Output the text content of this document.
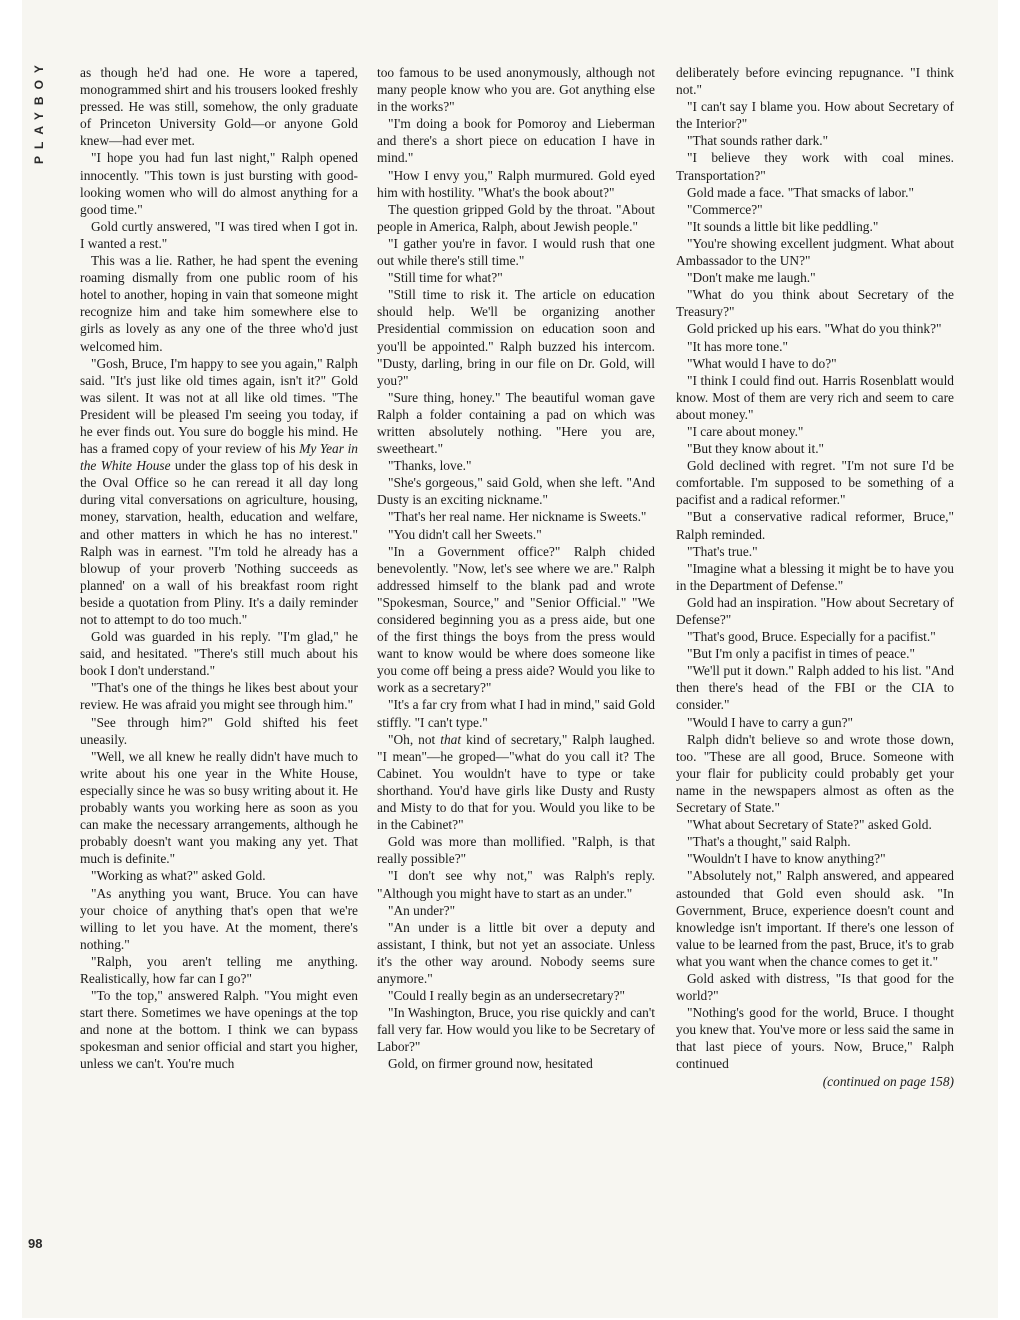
PLAYBOY
98

as though he'd had one. He wore a tapered, monogrammed shirt and his trousers looked freshly pressed. He was still, somehow, the only graduate of Princeton University Gold—or anyone Gold knew—had ever met.

"I hope you had fun last night," Ralph opened innocently. "This town is just bursting with good-looking women who will do almost anything for a good time."

Gold curtly answered, "I was tired when I got in. I wanted a rest."

This was a lie. Rather, he had spent the evening roaming dismally from one public room of his hotel to another, hoping in vain that someone might recognize him and take him somewhere else to girls as lovely as any one of the three who'd just welcomed him.

"Gosh, Bruce, I'm happy to see you again," Ralph said. "It's just like old times again, isn't it?" Gold was silent. It was not at all like old times. "The President will be pleased I'm seeing you today, if he ever finds out. You sure do boggle his mind. He has a framed copy of your review of his My Year in the White House under the glass top of his desk in the Oval Office so he can reread it all day long during vital conversations on agriculture, housing, money, starvation, health, education and welfare, and other matters in which he has no interest." Ralph was in earnest. "I'm told he already has a blowup of your proverb 'Nothing succeeds as planned' on a wall of his breakfast room right beside a quotation from Pliny. It's a daily reminder not to attempt to do too much."

Gold was guarded in his reply. "I'm glad," he said, and hesitated. "There's still much about his book I don't understand."

"That's one of the things he likes best about your review. He was afraid you might see through him."

"See through him?" Gold shifted his feet uneasily.

"Well, we all knew he really didn't have much to write about his one year in the White House, especially since he was so busy writing about it. He probably wants you working here as soon as you can make the necessary arrangements, although he probably doesn't want you making any yet. That much is definite."

"Working as what?" asked Gold.

"As anything you want, Bruce. You can have your choice of anything that's open that we're willing to let you have. At the moment, there's nothing."

"Ralph, you aren't telling me anything. Realistically, how far can I go?"

"To the top," answered Ralph. "You might even start there. Sometimes we have openings at the top and none at the bottom. I think we can bypass spokesman and senior official and start you higher, unless we can't. You're much

too famous to be used anonymously, although not many people know who you are. Got anything else in the works?"

"I'm doing a book for Pomoroy and Lieberman and there's a short piece on education I have in mind."

"How I envy you," Ralph murmured. Gold eyed him with hostility. "What's the book about?"

The question gripped Gold by the throat. "About people in America, Ralph, about Jewish people."

"I gather you're in favor. I would rush that one out while there's still time."

"Still time for what?"

"Still time to risk it. The article on education should help. We'll be organizing another Presidential commission on education soon and you'll be appointed." Ralph buzzed his intercom. "Dusty, darling, bring in our file on Dr. Gold, will you?"

"Sure thing, honey." The beautiful woman gave Ralph a folder containing a pad on which was written absolutely nothing. "Here you are, sweetheart."

"Thanks, love."

"She's gorgeous," said Gold, when she left. "And Dusty is an exciting nickname."

"That's her real name. Her nickname is Sweets."

"You didn't call her Sweets."

"In a Government office?" Ralph chided benevolently. "Now, let's see where we are." Ralph addressed himself to the blank pad and wrote "Spokesman, Source," and "Senior Official." "We considered beginning you as a press aide, but one of the first things the boys from the press would want to know would be where does someone like you come off being a press aide? Would you like to work as a secretary?"

"It's a far cry from what I had in mind," said Gold stiffly. "I can't type."

"Oh, not that kind of secretary," Ralph laughed. "I mean"—he groped—"what do you call it? The Cabinet. You wouldn't have to type or take shorthand. You'd have girls like Dusty and Rusty and Misty to do that for you. Would you like to be in the Cabinet?"

Gold was more than mollified. "Ralph, is that really possible?"

"I don't see why not," was Ralph's reply. "Although you might have to start as an under."

"An under?"

"An under is a little bit over a deputy and assistant, I think, but not yet an associate. Unless it's the other way around. Nobody seems sure anymore."

"Could I really begin as an undersecretary?"

"In Washington, Bruce, you rise quickly and can't fall very far. How would you like to be Secretary of Labor?"

Gold, on firmer ground now, hesitated

deliberately before evincing repugnance. "I think not."

"I can't say I blame you. How about Secretary of the Interior?"

"That sounds rather dark."

"I believe they work with coal mines. Transportation?"

Gold made a face. "That smacks of labor."

"Commerce?"

"It sounds a little bit like peddling."

"You're showing excellent judgment. What about Ambassador to the UN?"

"Don't make me laugh."

"What do you think about Secretary of the Treasury?"

Gold pricked up his ears. "What do you think?"

"It has more tone."

"What would I have to do?"

"I think I could find out. Harris Rosenblatt would know. Most of them are very rich and seem to care about money."

"I care about money."

"But they know about it."

Gold declined with regret. "I'm not sure I'd be comfortable. I'm supposed to be something of a pacifist and a radical reformer."

"But a conservative radical reformer, Bruce," Ralph reminded.

"That's true."

"Imagine what a blessing it might be to have you in the Department of Defense."

Gold had an inspiration. "How about Secretary of Defense?"

"That's good, Bruce. Especially for a pacifist."

"But I'm only a pacifist in times of peace."

"We'll put it down." Ralph added to his list. "And then there's head of the FBI or the CIA to consider."

"Would I have to carry a gun?"

Ralph didn't believe so and wrote those down, too. "These are all good, Bruce. Someone with your flair for publicity could probably get your name in the newspapers almost as often as the Secretary of State."

"What about Secretary of State?" asked Gold.

"That's a thought," said Ralph.

"Wouldn't I have to know anything?"

"Absolutely not," Ralph answered, and appeared astounded that Gold even should ask. "In Government, Bruce, experience doesn't count and knowledge isn't important. If there's one lesson of value to be learned from the past, Bruce, it's to grab what you want when the chance comes to get it."

Gold asked with distress, "Is that good for the world?"

"Nothing's good for the world, Bruce. I thought you knew that. You've more or less said the same in that last piece of yours. Now, Bruce," Ralph continued

(continued on page 158)
